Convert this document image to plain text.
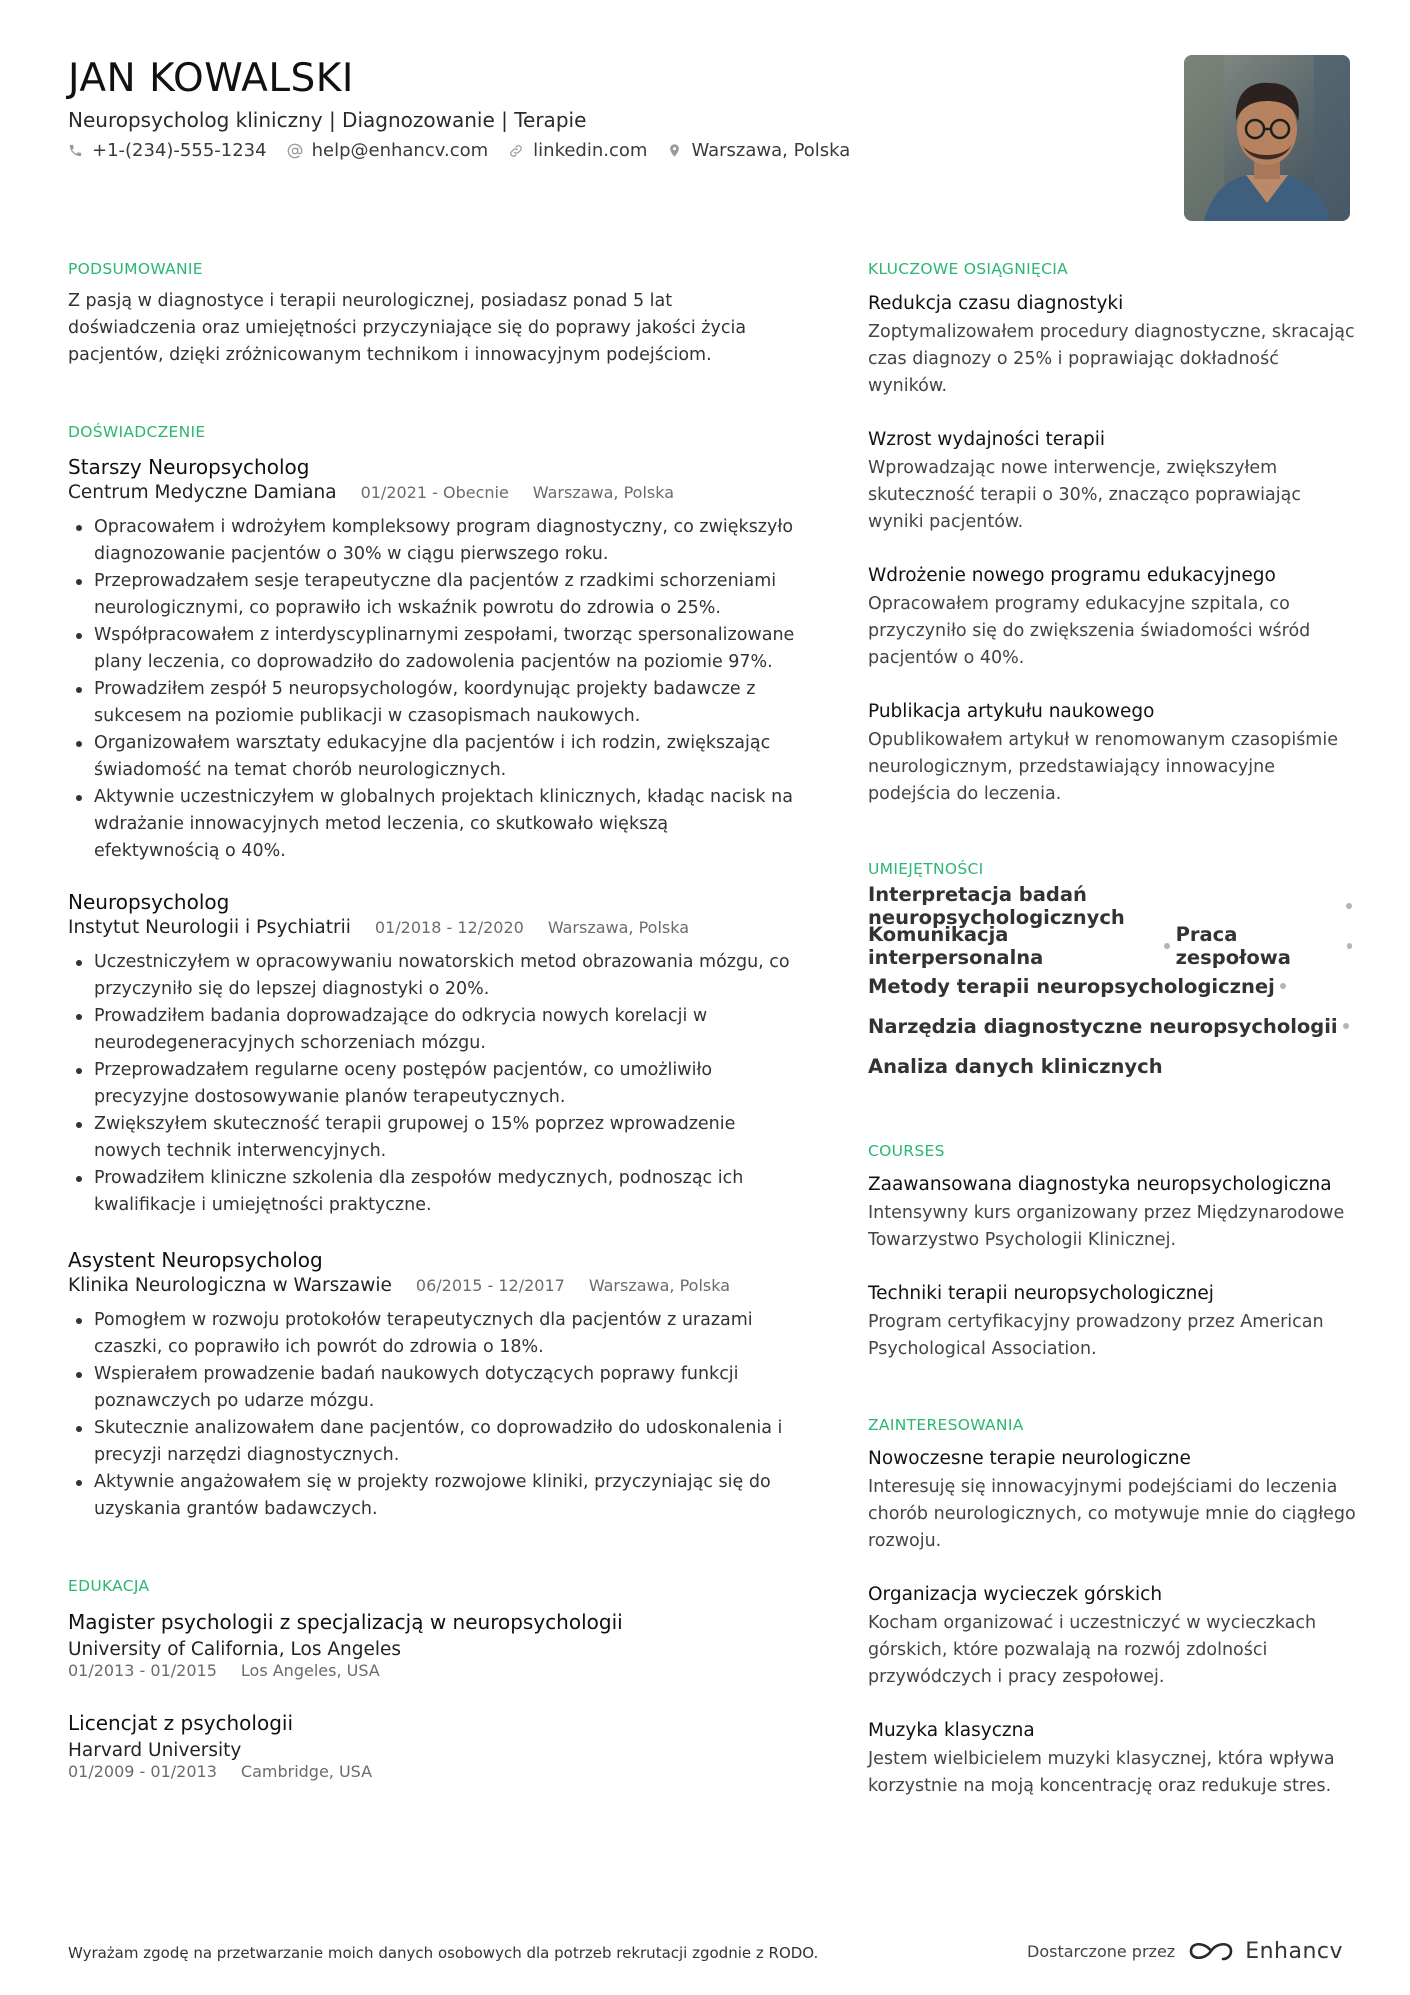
JAN KOWALSKI
Neuropsycholog kliniczny | Diagnozowanie | Terapie
+1-(234)-555-1234	help@enhancv.com	linkedin.com Warszawa, Polska
PODSUMOWANIE

Z pasją w diagnostyce i terapii neurologicznej, posiadasz ponad 5 lat doświadczenia oraz umiejętności przyczyniające się do poprawy jakości życia pacjentów, dzięki zróżnicowanym technikom i innowacyjnym podejściom.

DOŚWIADCZENIE
Starszy Neuropsycholog
Centrum Medyczne Damiana 01/2021 - Obecnie Warszawa, Polska
Opracowałem i wdrożyłem kompleksowy program diagnostyczny, co zwiększyło diagnozowanie pacjentów o 30% w ciągu pierwszego roku.
Przeprowadzałem sesje terapeutyczne dla pacjentów z rzadkimi schorzeniami neurologicznymi, co poprawiło ich wskaźnik powrotu do zdrowia o 25%.
Współpracowałem z interdyscyplinarnymi zespołami, tworząc spersonalizowane plany leczenia, co doprowadziło do zadowolenia pacjentów na poziomie 97%.
Prowadziłem zespół 5 neuropsychologów, koordynując projekty badawcze z sukcesem na poziomie publikacji w czasopismach naukowych.
Organizowałem warsztaty edukacyjne dla pacjentów i ich rodzin, zwiększając świadomość na temat chorób neurologicznych.
Aktywnie uczestniczyłem w globalnych projektach klinicznych, kładąc nacisk na wdrażanie innowacyjnych metod leczenia, co skutkowało większą efektywnością o 40%.
Neuropsycholog
Instytut Neurologii i Psychiatrii 01/2018 - 12/2020 Warszawa, Polska
Uczestniczyłem w opracowywaniu nowatorskich metod obrazowania mózgu, co przyczyniło się do lepszej diagnostyki o 20%.
Prowadziłem badania doprowadzające do odkrycia nowych korelacji w neurodegeneracyjnych schorzeniach mózgu.
Przeprowadzałem regularne oceny postępów pacjentów, co umożliwiło precyzyjne dostosowywanie planów terapeutycznych.
Zwiększyłem skuteczność terapii grupowej o 15% poprzez wprowadzenie nowych technik interwencyjnych.
Prowadziłem kliniczne szkolenia dla zespołów medycznych, podnosząc ich kwalifikacje i umiejętności praktyczne.
Asystent Neuropsycholog
Klinika Neurologiczna w Warszawie 06/2015 - 12/2017 Warszawa, Polska
Pomogłem w rozwoju protokołów terapeutycznych dla pacjentów z urazami czaszki, co poprawiło ich powrót do zdrowia o 18%.
Wspierałem prowadzenie badań naukowych dotyczących poprawy funkcji poznawczych po udarze mózgu.
Skutecznie analizowałem dane pacjentów, co doprowadziło do udoskonalenia i precyzji narzędzi diagnostycznych.
Aktywnie angażowałem się w projekty rozwojowe kliniki, przyczyniając się do uzyskania grantów badawczych.
EDUKACJA
Magister psychologii z specjalizacją w neuropsychologii
University of California, Los Angeles
01/2013 - 01/2015 Los Angeles, USA
Licencjat z psychologii
Harvard University
01/2009 - 01/2013 Cambridge, USA
KLUCZOWE OSIĄGNIĘCIA
Redukcja czasu diagnostyki
Zoptymalizowałem procedury diagnostyczne, skracając czas diagnozy o 25% i poprawiając dokładność wyników.
Wzrost wydajności terapii
Wprowadzając nowe interwencje, zwiększyłem skuteczność terapii o 30%, znacząco poprawiając wyniki pacjentów.
Wdrożenie nowego programu edukacyjnego
Opracowałem programy edukacyjne szpitala, co przyczyniło się do zwiększenia świadomości wśród pacjentów o 40%.
Publikacja artykułu naukowego
Opublikowałem artykuł w renomowanym czasopiśmie neurologicznym, przedstawiający innowacyjne podejścia do leczenia.
UMIEJĘTNOŚCI
Interpretacja badań neuropsychologicznych
Komunikacja interpersonalna
Praca zespołowa
Metody terapii neuropsychologicznej
Narzędzia diagnostyczne neuropsychologii
Analiza danych klinicznych
COURSES
Zaawansowana diagnostyka neuropsychologiczna
Intensywny kurs organizowany przez Międzynarodowe Towarzystwo Psychologii Klinicznej.
Techniki terapii neuropsychologicznej
Program certyfikacyjny prowadzony przez American Psychological Association.
ZAINTERESOWANIA
Nowoczesne terapie neurologiczne
Interesuję się innowacyjnymi podejściami do leczenia chorób neurologicznych, co motywuje mnie do ciągłego rozwoju.
Organizacja wycieczek górskich
Kocham organizować i uczestniczyć w wycieczkach górskich, które pozwalają na rozwój zdolności przywódczych i pracy zespołowej.
Muzyka klasyczna
Jestem wielbicielem muzyki klasycznej, która wpływa korzystnie na moją koncentrację oraz redukuje stres.
Wyrażam zgodę na przetwarzanie moich danych osobowych dla potrzeb rekrutacji zgodnie z RODO.	Dostarczone przez	Enhancv
